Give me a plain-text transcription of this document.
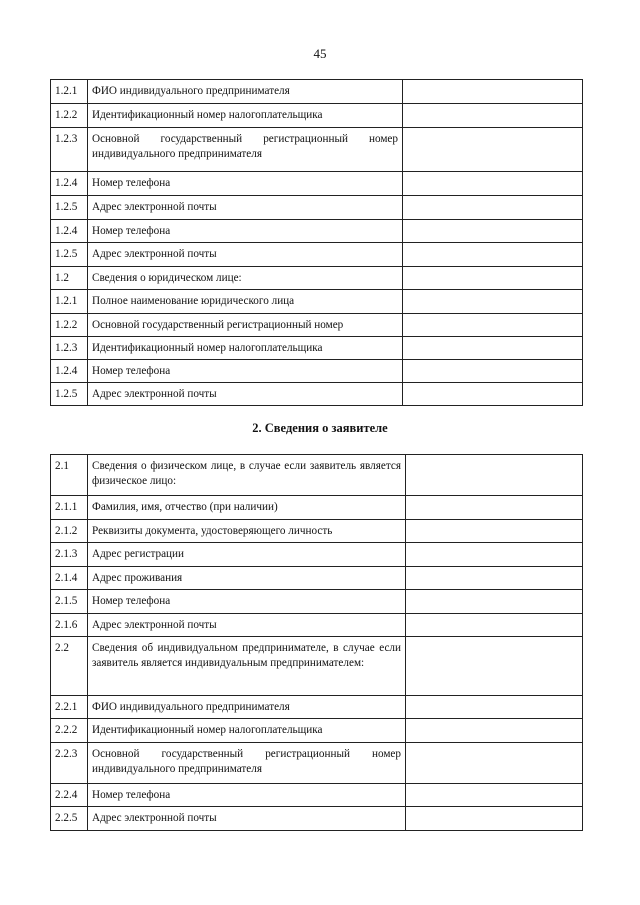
45
1.2.1	ФИО индивидуального предпринимателя	
1.2.2	Идентификационный номер налогоплательщика	
1.2.3	Основной государственный регистрационный номер индивидуального предпринимателя	
1.2.4	Номер телефона	
1.2.5	Адрес электронной почты	
1.2.4	Номер телефона	
1.2.5	Адрес электронной почты	
1.2	Сведения о юридическом лице:	
1.2.1	Полное наименование юридического лица	
1.2.2	Основной государственный регистрационный номер	
1.2.3	Идентификационный номер налогоплательщика	
1.2.4	Номер телефона	
1.2.5	Адрес электронной почты	
2. Сведения о заявителе
2.1	Сведения о физическом лице, в случае если заявитель является физическое лицо:	
2.1.1	Фамилия, имя, отчество (при наличии)	
2.1.2	Реквизиты документа, удостоверяющего личность	
2.1.3	Адрес регистрации	
2.1.4	Адрес проживания	
2.1.5	Номер телефона	
2.1.6	Адрес электронной почты	
2.2	Сведения об индивидуальном предпринимателе, в случае если заявитель является индивидуальным предпринимателем:	
2.2.1	ФИО индивидуального предпринимателя	
2.2.2	Идентификационный номер налогоплательщика	
2.2.3	Основной государственный регистрационный номер индивидуального предпринимателя	
2.2.4	Номер телефона	
2.2.5	Адрес электронной почты	
